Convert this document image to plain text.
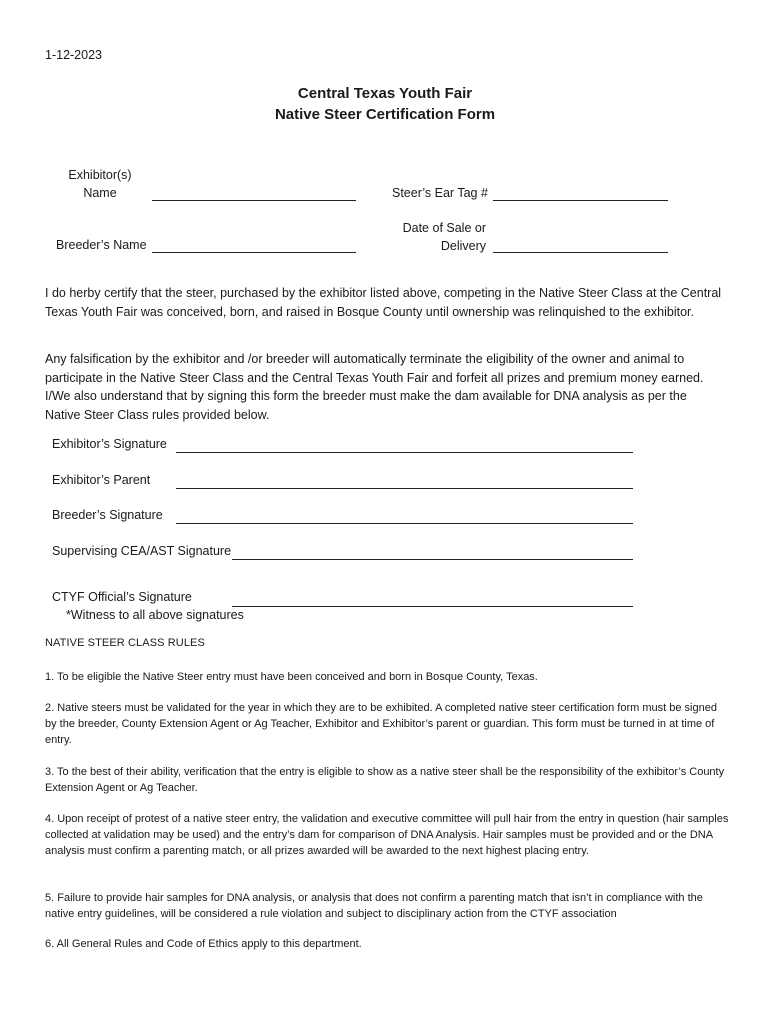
1-12-2023
Central Texas Youth Fair
Native Steer Certification Form
Exhibitor(s)
Name	Steer’s Ear Tag #
Breeder’s Name
Date of Sale or
Delivery
I do herby certify that the steer, purchased by the exhibitor listed above, competing in the Native Steer Class at the Central Texas Youth Fair was conceived, born, and raised in Bosque County until ownership was relinquished to the exhibitor.
Any falsification by the exhibitor and /or breeder will automatically terminate the eligibility of the owner and animal to participate in the Native Steer Class and the Central Texas Youth Fair and forfeit all prizes and premium money earned. I/We also understand that by signing this form the breeder must make the dam available for DNA analysis as per the Native Steer Class rules provided below.
Exhibitor’s Signature
Exhibitor’s Parent
Breeder’s Signature
Supervising CEA/AST Signature
CTYF Official’s Signature
*Witness to all above signatures
NATIVE STEER CLASS RULES
1. To be eligible the Native Steer entry must have been conceived and born in Bosque County, Texas.
2. Native steers must be validated for the year in which they are to be exhibited. A completed native steer certification form must be signed by the breeder, County Extension Agent or Ag Teacher, Exhibitor and Exhibitor’s parent or guardian. This form must be turned in at time of entry.
3. To the best of their ability, verification that the entry is eligible to show as a native steer shall be the responsibility of the exhibitor’s County Extension Agent or Ag Teacher.
4. Upon receipt of protest of a native steer entry, the validation and executive committee will pull hair from the entry in question (hair samples collected at validation may be used) and the entry’s dam for comparison of DNA Analysis. Hair samples must be provided and or the DNA analysis must confirm a parenting match, or all prizes awarded will be awarded to the next highest placing entry.
5. Failure to provide hair samples for DNA analysis, or analysis that does not confirm a parenting match that isn’t in compliance with the native entry guidelines, will be considered a rule violation and subject to disciplinary action from the CTYF association
6. All General Rules and Code of Ethics apply to this department.
